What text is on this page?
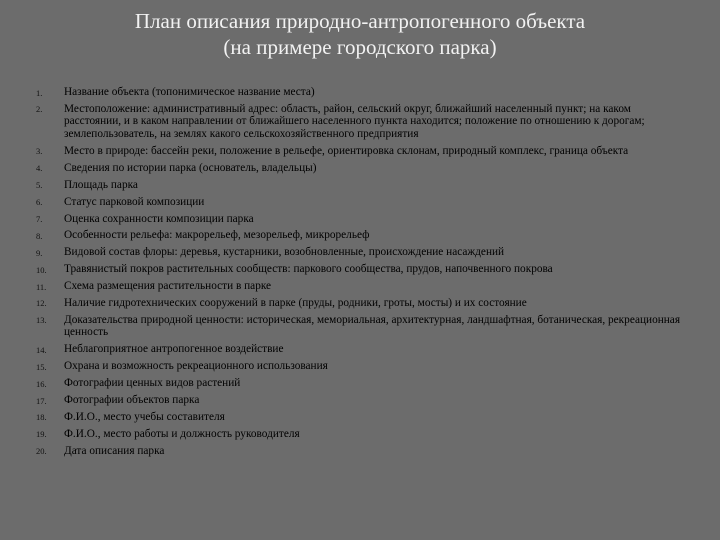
План описания природно-антропогенного объекта
(на примере городского парка)
1. Название объекта (топонимическое название места)
2. Местоположение: административный адрес: область, район, сельский округ, ближайший населенный пункт; на каком расстоянии, и в каком направлении от ближайшего населенного пункта находится; положение по отношению к дорогам; землепользователь, на землях какого сельскохозяйственного предприятия
3. Место в природе: бассейн реки, положение в рельефе, ориентировка склонам, природный комплекс, граница объекта
4. Сведения по истории парка (основатель, владельцы)
5. Площадь парка
6. Статус парковой композиции
7. Оценка сохранности композиции парка
8. Особенности рельефа: макрорельеф, мезорельеф, микрорельеф
9. Видовой состав флоры: деревья, кустарники, возобновленные, происхождение насаждений
10. Травянистый покров растительных сообществ: паркового сообщества, прудов, напочвенного покрова
11. Схема размещения растительности в парке
12. Наличие гидротехнических сооружений в парке (пруды, родники, гроты, мосты) и их состояние
13. Доказательства природной ценности: историческая, мемориальная, архитектурная, ландшафтная, ботаническая, рекреационная ценность
14. Неблагоприятное антропогенное воздействие
15. Охрана и возможность рекреационного использования
16. Фотографии ценных видов растений
17. Фотографии объектов парка
18. Ф.И.О., место учебы составителя
19. Ф.И.О., место работы и должность руководителя
20. Дата описания парка
